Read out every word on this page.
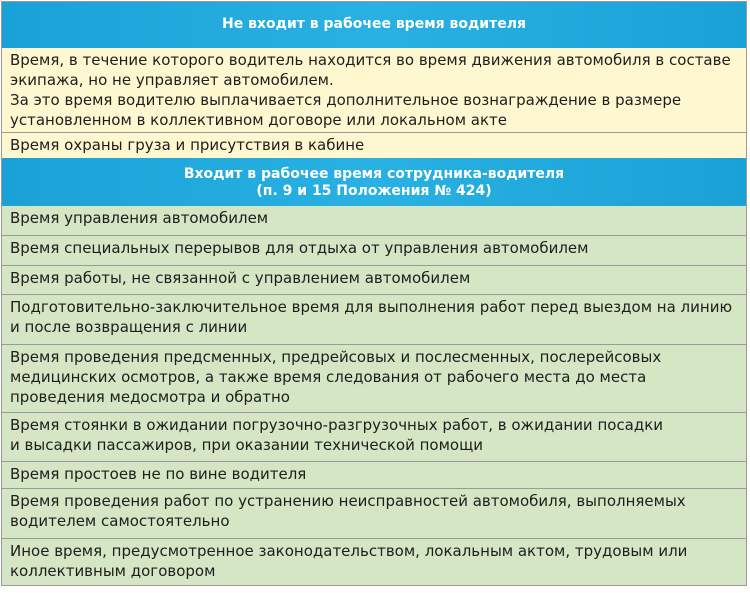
Не входит в рабочее время водителя
Время, в течение которого водитель находится во время движения автомобиля в составе
экипажа, но не управляет автомобилем.
За это время водителю выплачивается дополнительное вознаграждение в размере
установленном в коллективном договоре или локальном акте
Время охраны груза и присутствия в кабине
Входит в рабочее время сотрудника-водителя
(п. 9 и 15 Положения № 424)
Время управления автомобилем
Время специальных перерывов для отдыха от управления автомобилем
Время работы, не связанной с управлением автомобилем
Подготовительно-заключительное время для выполнения работ перед выездом на линию
и после возвращения с линии
Время проведения предсменных, предрейсовых и послесменных, послерейсовых
медицинских осмотров, а также время следования от рабочего места до места
проведения медосмотра и обратно
Время стоянки в ожидании погрузочно-разгрузочных работ, в ожидании посадки
и высадки пассажиров, при оказании технической помощи
Время простоев не по вине водителя
Время проведения работ по устранению неисправностей автомобиля, выполняемых
водителем самостоятельно
Иное время, предусмотренное законодательством, локальным актом, трудовым или
коллективным договором
